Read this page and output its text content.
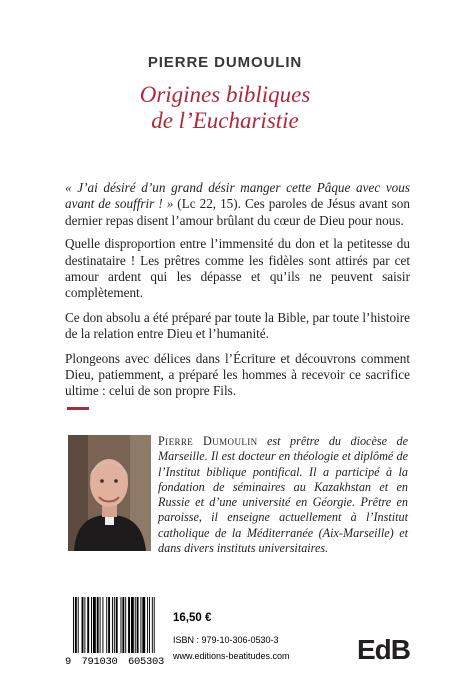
PIERRE DUMOULIN
Origines bibliques
de l’Eucharistie

« J’ai désiré d’un grand désir manger cette Pâque avec vous avant de souffrir ! » (Lc 22, 15). Ces paroles de Jésus avant son dernier repas disent l’amour brûlant du cœur de Dieu pour nous.

Quelle disproportion entre l’immensité du don et la petitesse du destinataire ! Les prêtres comme les fidèles sont attirés par cet amour ardent qui les dépasse et qu’ils ne peuvent saisir complètement.

Ce don absolu a été préparé par toute la Bible, par toute l’histoire de la relation entre Dieu et l’humanité.

Plongeons avec délices dans l’Écriture et découvrons comment Dieu, patiemment, a préparé les hommes à recevoir ce sacrifice ultime : celui de son propre Fils.

Pierre Dumoulin est prêtre du diocèse de Marseille. Il est docteur en théologie et diplômé de l’Institut biblique pontifical. Il a participé à la fondation de séminaires au Kazakhstan et en Russie et d’une université en Géorgie. Prêtre en paroisse, il enseigne actuellement à l’Institut catholique de la Méditerranée (Aix-Marseille) et dans divers instituts universitaires.
9 791030 605303
16,50 €
ISBN : 979-10-306-0530-3
www.editions-beatitudes.com EdB
